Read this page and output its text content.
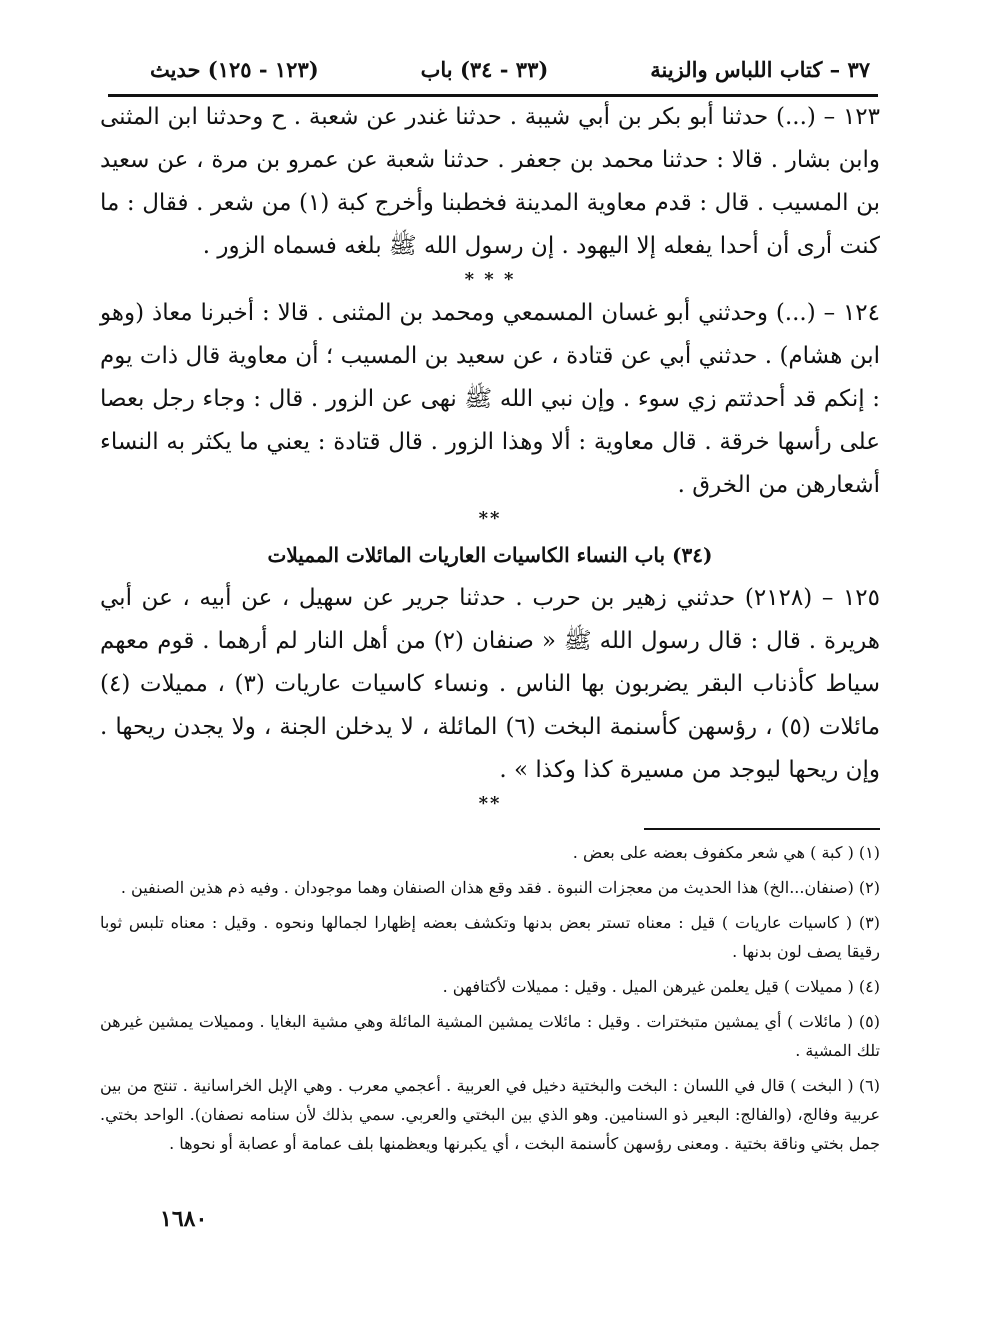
٣٧ – كتاب اللباس والزينة
(٣٣ - ٣٤) باب
(١٢٣ - ١٢٥) حديث

١٢٣ – (...) حدثنا أبو بكر بن أبي شيبة . حدثنا غندر عن شعبة . ح وحدثنا ابن المثنى وابن بشار . قالا : حدثنا محمد بن جعفر . حدثنا شعبة عن عمرو بن مرة ، عن سعيد بن المسيب . قال : قدم معاوية المدينة فخطبنا وأخرج كبة (١) من شعر . فقال : ما كنت أرى أن أحدا يفعله إلا اليهود . إن رسول الله ﷺ بلغه فسماه الزور .

* * *

١٢٤ – (...) وحدثني أبو غسان المسمعي ومحمد بن المثنى . قالا : أخبرنا معاذ (وهو ابن هشام) . حدثني أبي عن قتادة ، عن سعيد بن المسيب ؛ أن معاوية قال ذات يوم : إنكم قد أحدثتم زي سوء . وإن نبي الله ﷺ نهى عن الزور . قال : وجاء رجل بعصا على رأسها خرقة . قال معاوية : ألا وهذا الزور . قال قتادة : يعني ما يكثر به النساء أشعارهن من الخرق .

**
(٣٤) باب النساء الكاسيات العاريات المائلات المميلات

١٢٥ – (٢١٢٨) حدثني زهير بن حرب . حدثنا جرير عن سهيل ، عن أبيه ، عن أبي هريرة . قال : قال رسول الله ﷺ « صنفان (٢) من أهل النار لم أرهما . قوم معهم سياط كأذناب البقر يضربون بها الناس . ونساء كاسيات عاريات (٣) ، مميلات (٤) مائلات (٥) ، رؤسهن كأسنمة البخت (٦) المائلة ، لا يدخلن الجنة ، ولا يجدن ريحها . وإن ريحها ليوجد من مسيرة كذا وكذا » .

**

(١) ( كبة ) هي شعر مكفوف بعضه على بعض .

(٢) (صنفان...الخ) هذا الحديث من معجزات النبوة . فقد وقع هذان الصنفان وهما موجودان . وفيه ذم هذين الصنفين .

(٣) ( كاسيات عاريات ) قيل : معناه تستر بعض بدنها وتكشف بعضه إظهارا لجمالها ونحوه . وقيل : معناه تلبس ثوبا رقيقا يصف لون بدنها .

(٤) ( مميلات ) قيل يعلمن غيرهن الميل . وقيل : مميلات لأكتافهن .

(٥) ( مائلات ) أي يمشين متبخترات . وقيل : مائلات يمشين المشية المائلة وهي مشية البغايا . ومميلات يمشين غيرهن تلك المشية .

(٦) ( البخت ) قال في اللسان : البخت والبختية دخيل في العربية . أعجمي معرب . وهي الإبل الخراسانية . تنتج من بين عربية وفالج، (والفالج: البعير ذو السنامين. وهو الذي بين البختي والعربي. سمي بذلك لأن سنامه نصفان). الواحد بختي. جمل بختي وناقة بختية . ومعنى رؤسهن كأسنمة البخت ، أي يكبرنها ويعظمنها بلف عمامة أو عصابة أو نحوها .

١٦٨٠
